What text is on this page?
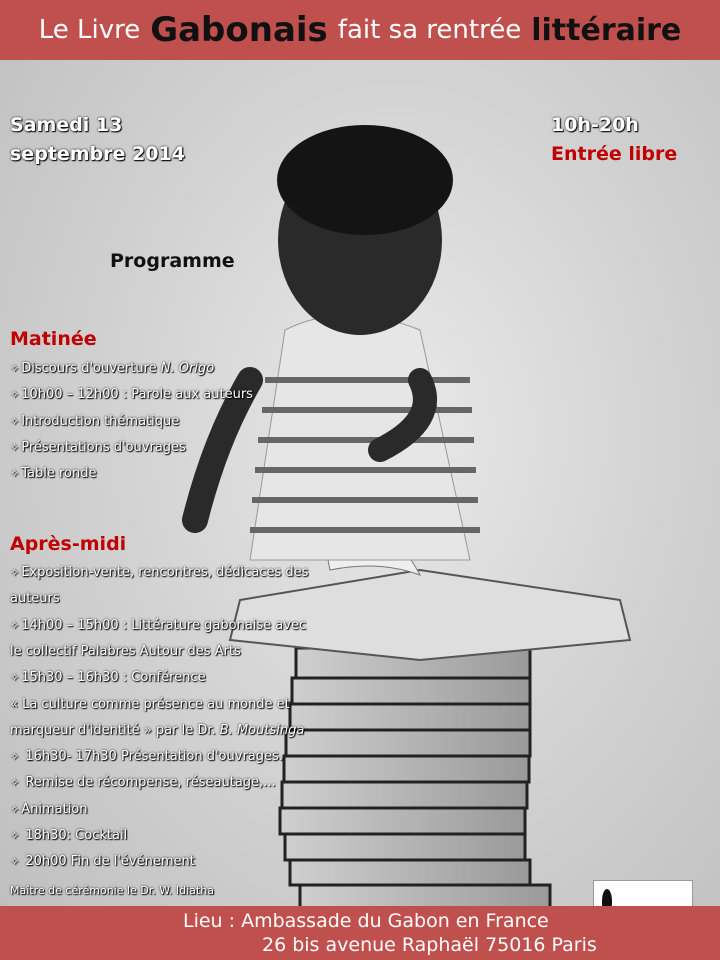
Le Livre Gabonais fait sa rentrée littéraire
Samedi 13
septembre 2014
10h-20h
Entrée libre
Programme
Matinée
✧ Discours d'ouverture N. Origo
✧ 10h00 – 12h00 : Parole aux auteurs
✧ Introduction thématique
✧ Présentations d'ouvrages
✧ Table ronde
Après-midi
✧ Exposition-vente, rencontres, dédicaces des
auteurs
✧ 14h00 – 15h00 : Littérature gabonaise avec
le collectif Palabres Autour des Arts
✧ 15h30 – 16h30 : Conférence
« La culture comme présence au monde et
marqueur d'identité » par le Dr. B. Moutsinga
✧ 16h30- 17h30 Présentation d'ouvrages.
✧ Remise de récompense, réseautage,...
✧ Animation
✧ 18h30: Cocktail
✧ 20h00 Fin de l'événement
Maître de cérémonie le Dr. W. Idiatha
Lieu : Ambassade du Gabon en France
26 bis avenue Raphaël 75016 Paris
